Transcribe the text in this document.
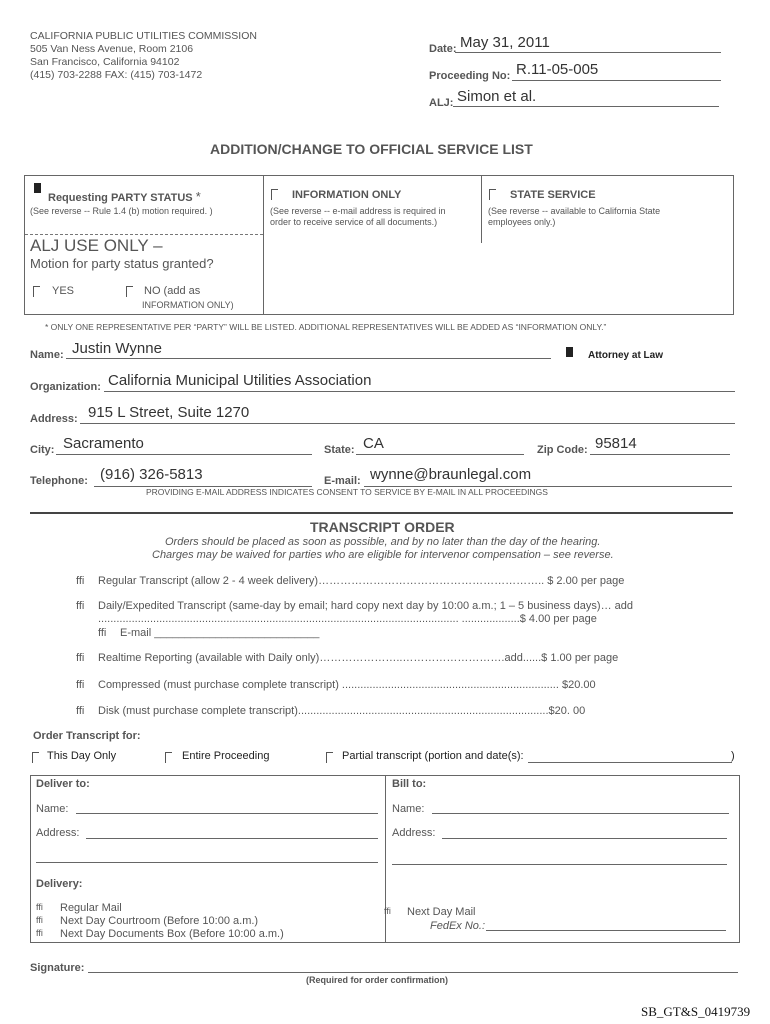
CALIFORNIA PUBLIC UTILITIES COMMISSION
505 Van Ness Avenue, Room 2106
San Francisco, California 94102
(415) 703-2288 FAX: (415) 703-1472
Date: May 31, 2011
Proceeding No: R.11-05-005
ALJ: Simon et al.
ADDITION/CHANGE TO OFFICIAL SERVICE LIST
Requesting PARTY STATUS *
(See reverse -- Rule 1.4 (b) motion required. )
INFORMATION ONLY
(See reverse -- e-mail address is required in
order to receive service of all documents.)
STATE SERVICE
(See reverse -- available to California State
employees only.)
ALJ USE ONLY –
Motion for party status granted?
YES	NO (add as
INFORMATION ONLY)
* ONLY ONE REPRESENTATIVE PER “PARTY” WILL BE LISTED. ADDITIONAL REPRESENTATIVES WILL BE ADDED AS “INFORMATION ONLY.”
Name: Justin Wynne	Attorney at Law
Organization: California Municipal Utilities Association
Address: 915 L Street, Suite 1270
City: Sacramento	State: CA	Zip Code: 95814
Telephone: (916) 326-5813	E-mail: wynne@braunlegal.com
PROVIDING E-MAIL ADDRESS INDICATES CONSENT TO SERVICE BY E-MAIL IN ALL PROCEEDINGS
TRANSCRIPT ORDER
Orders should be placed as soon as possible, and by no later than the day of the hearing.
Charges may be waived for parties who are eligible for intervenor compensation – see reverse.
ffi Regular Transcript (allow 2 - 4 week delivery)…………………………………………………….. $ 2.00 per page
ffi Daily/Expedited Transcript (same-day by email; hard copy next day by 10:00 a.m.; 1 – 5 business days)… add
...................................................................................................................... ...................$ 4.00 per page
ffi E-mail ___________________________
ffi Realtime Reporting (available with Daily only)…………………..……………………….add......$ 1.00 per page
ffi Compressed (must purchase complete transcript) ....................................................................... $20.00
ffi Disk (must purchase complete transcript)..................................................................................$20. 00
Order Transcript for:
This Day Only	Entire Proceeding	Partial transcript (portion and date(s):	)
Deliver to:	Bill to:
Name:	Name:
Address:	Address:
Delivery:
ffi Regular Mail
ffi Next Day Courtroom (Before 10:00 a.m.)
ffi Next Day Documents Box (Before 10:00 a.m.)
ffi Next Day Mail
FedEx No.:
Signature:
(Required for order confirmation)
SB_GT&S_0419739
